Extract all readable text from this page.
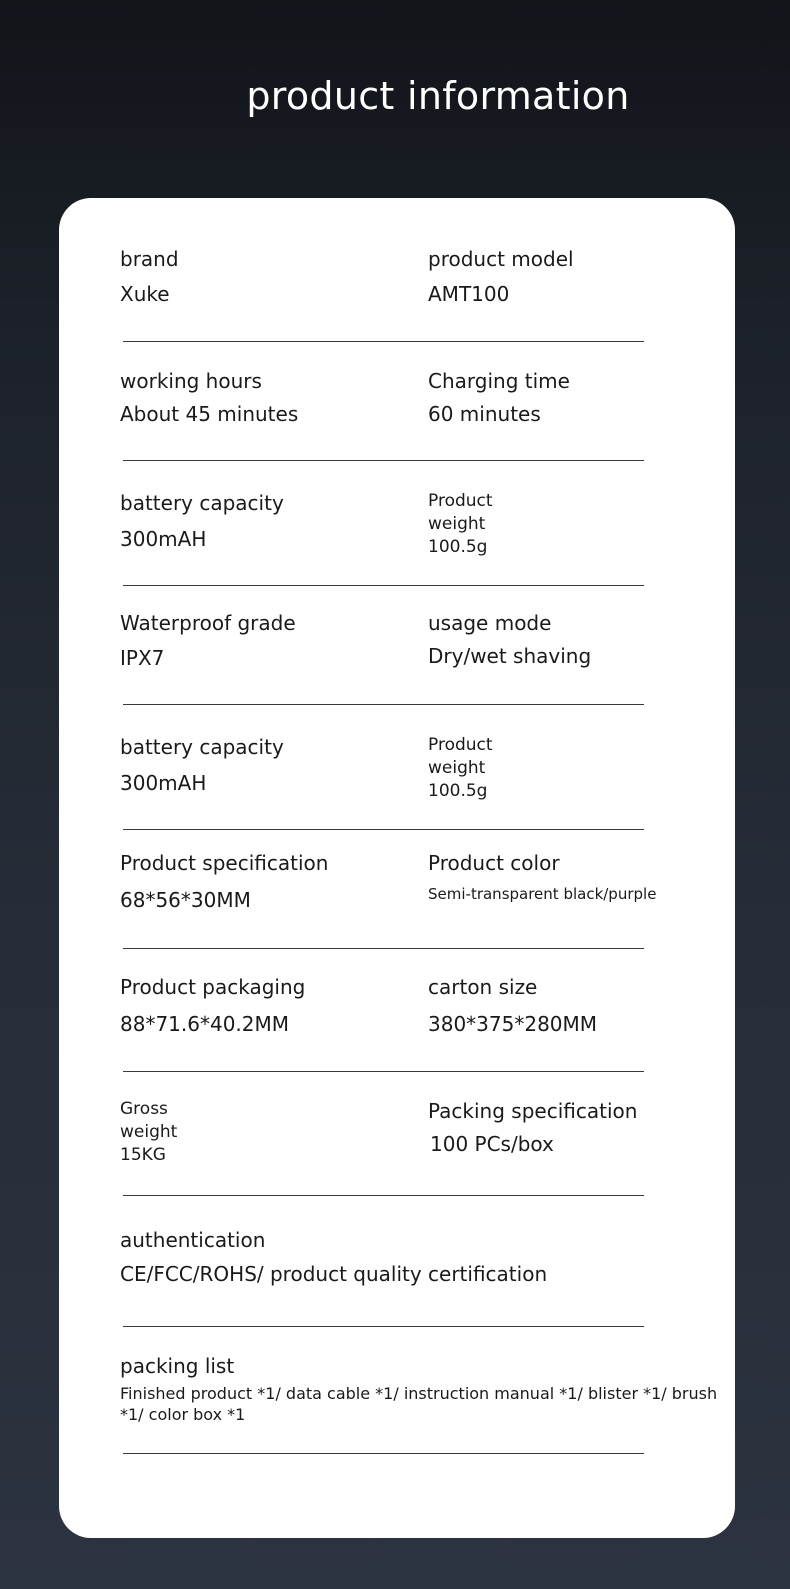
product information
brand
Xuke
product model
AMT100
working hours
About 45 minutes
Charging time
60 minutes
battery capacity
300mAH
Product
weight
100.5g
Waterproof grade
IPX7
usage mode
Dry/wet shaving
battery capacity
300mAH
Product
weight
100.5g
Product specification
68*56*30MM
Product color
Semi-transparent black/purple
Product packaging
88*71.6*40.2MM
carton size
380*375*280MM
Gross
weight
15KG
Packing specification
100 PCs/box
authentication
CE/FCC/ROHS/ product quality certification
packing list
Finished product *1/ data cable *1/ instruction manual *1/ blister *1/ brush *1/ color box *1
